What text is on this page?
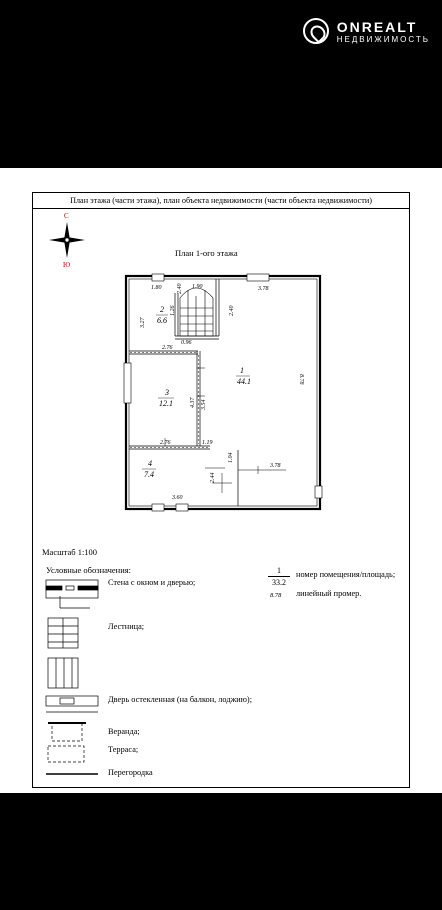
ONREALT
НЕДВИЖИМОСТЬ
План этажа (части этажа), план объекта недвижимости (части объекта недвижимости)
С
Ю
План 1-ого этажа
1
44.1
2
6.6
3
12.1
4
7.4
1.80	2.40 1.90	3.78
3.27
1.26	2.40
0.96
2.76
8.78
4.37 3.54
2.76	1.19
1.04
3.78
2.44
3.60
Масштаб 1:100
Условные обозначения:
Стена с окном и дверью;
Лестница;
Дверь остекленная (на балкон, лоджию);
Веранда;
Терраса;
Перегородка
$\frac{1}{33.2}$ номер помещения/площадь;
8.78 линейный промер.
